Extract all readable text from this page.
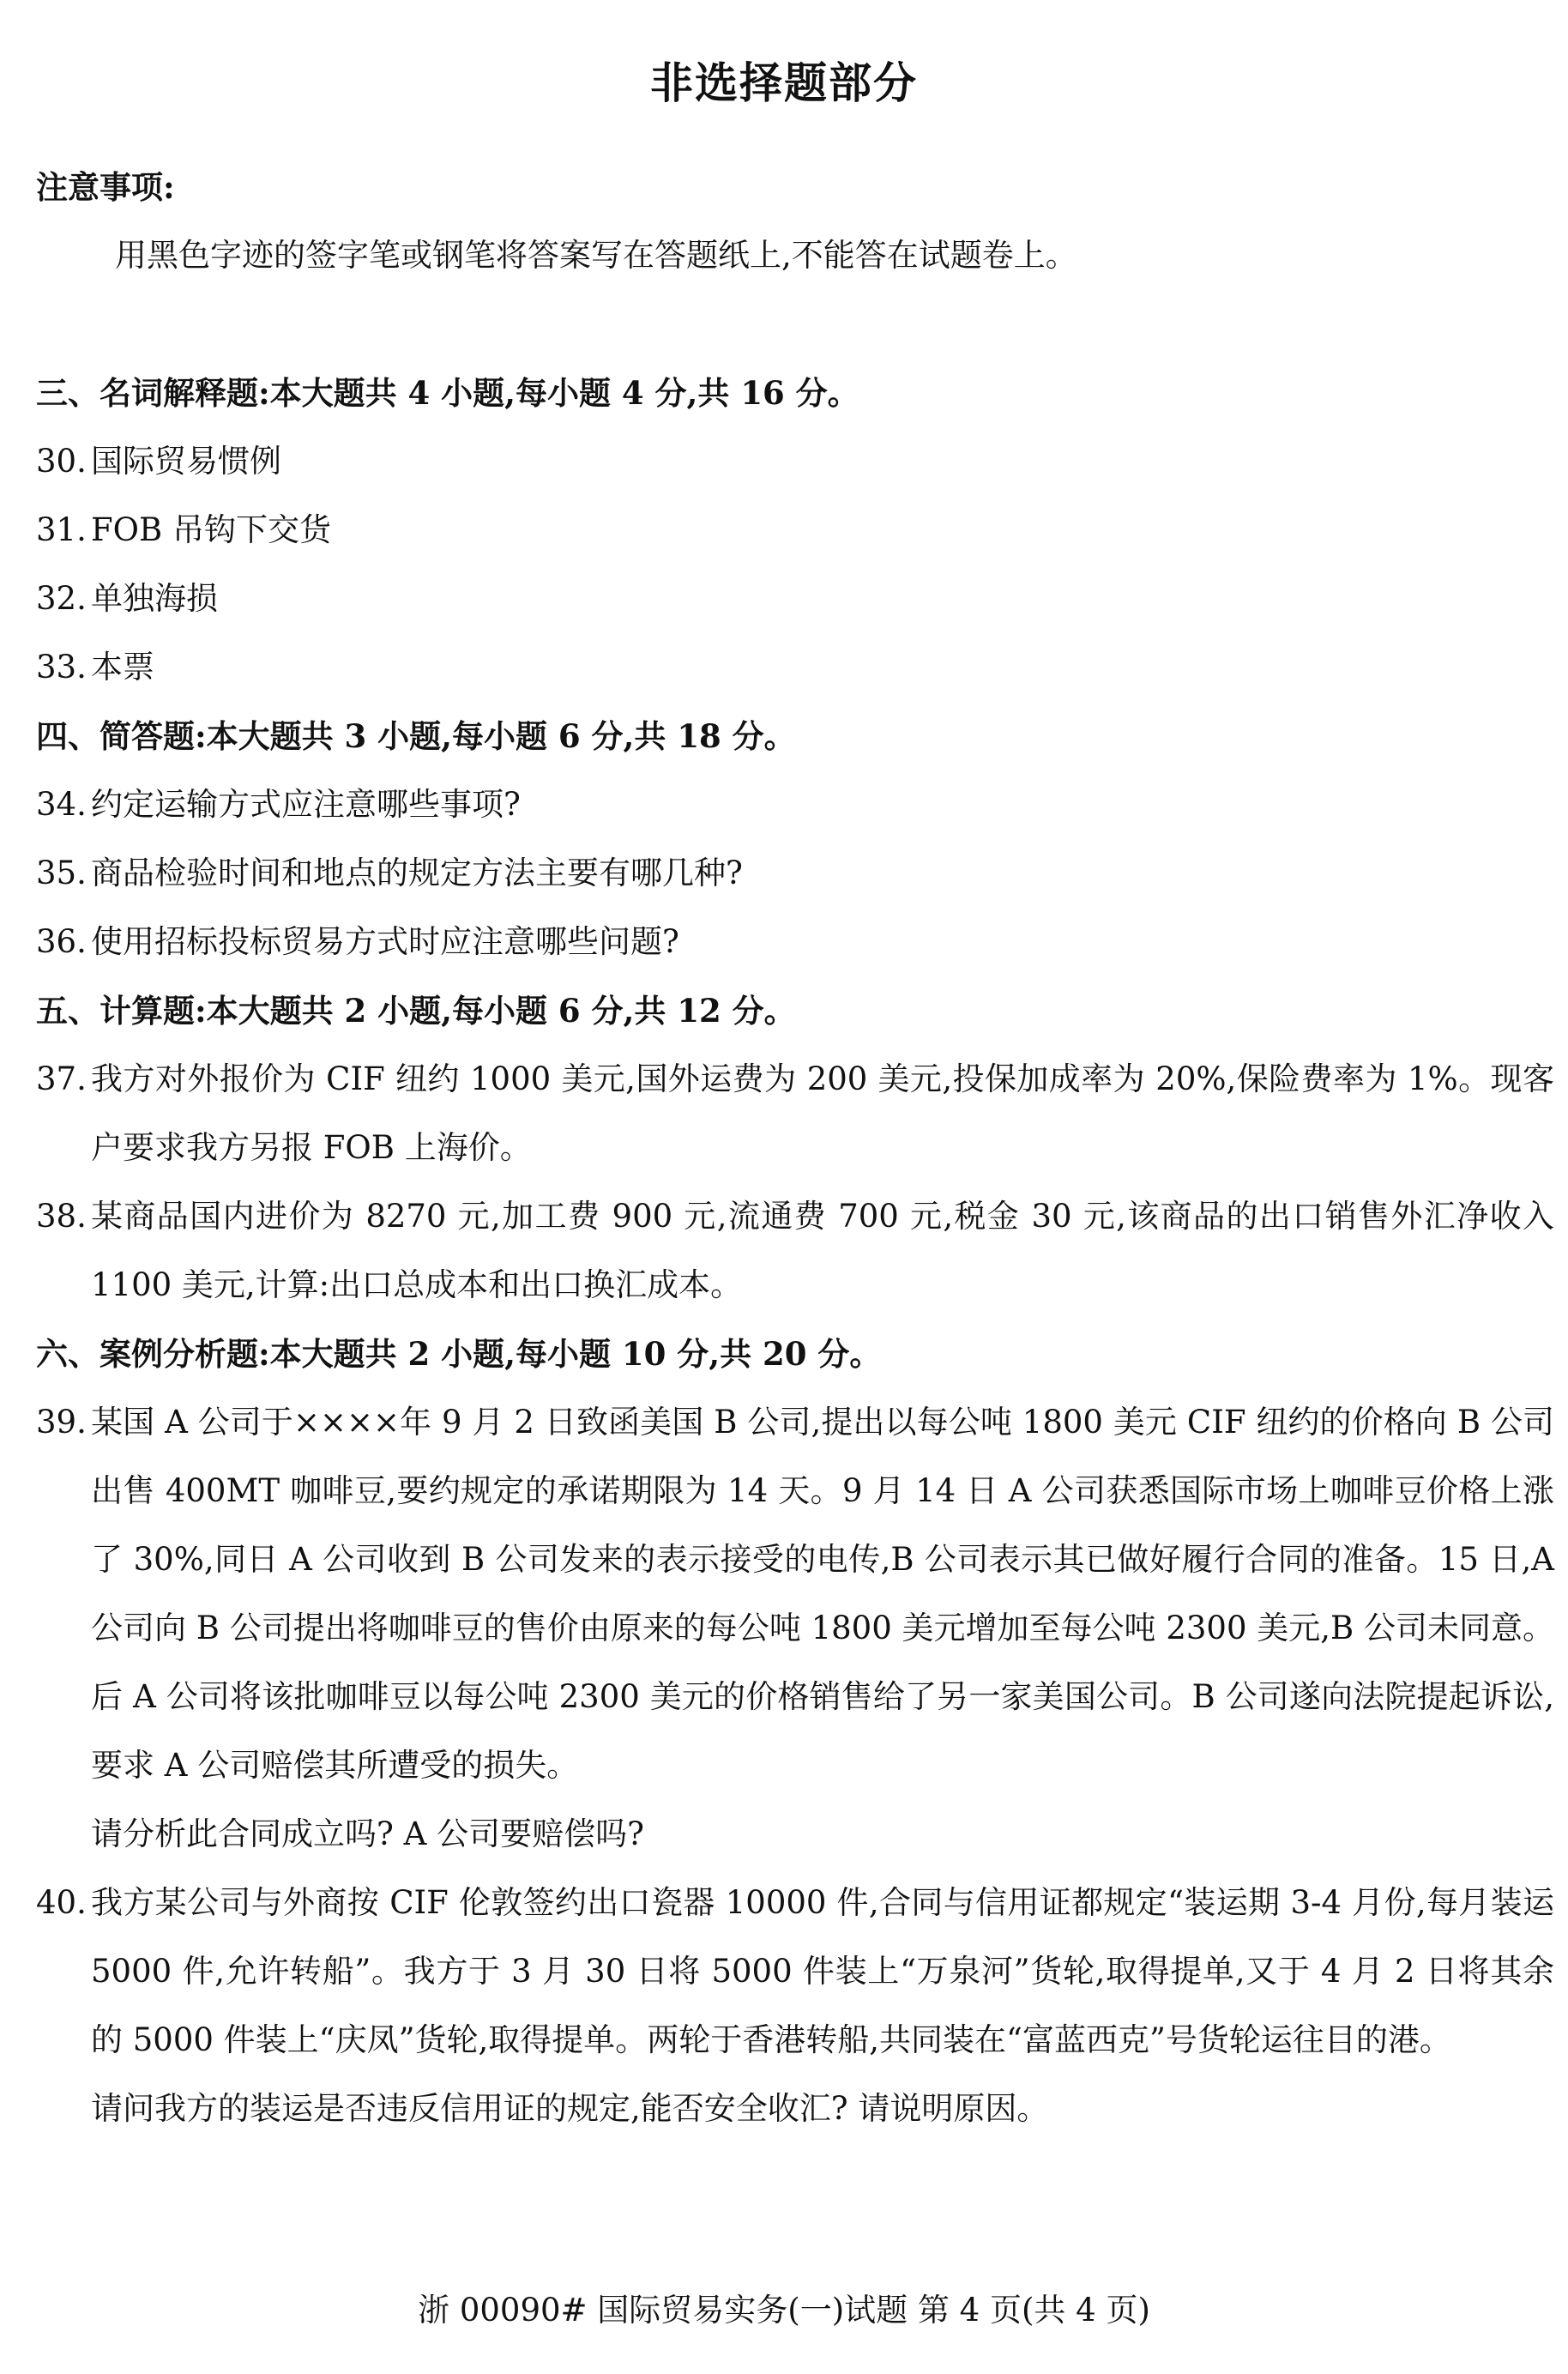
非选择题部分
注意事项:
用黑色字迹的签字笔或钢笔将答案写在答题纸上,不能答在试题卷上。
三、名词解释题:本大题共 4 小题,每小题 4 分,共 16 分。
30. 国际贸易惯例
31. FOB 吊钩下交货
32. 单独海损
33. 本票
四、简答题:本大题共 3 小题,每小题 6 分,共 18 分。
34. 约定运输方式应注意哪些事项?
35. 商品检验时间和地点的规定方法主要有哪几种?
36. 使用招标投标贸易方式时应注意哪些问题?
五、计算题:本大题共 2 小题,每小题 6 分,共 12 分。
37. 我方对外报价为 CIF 纽约 1000 美元,国外运费为 200 美元,投保加成率为 20%,保险费率为 1%。现客户要求我方另报 FOB 上海价。
38. 某商品国内进价为 8270 元,加工费 900 元,流通费 700 元,税金 30 元,该商品的出口销售外汇净收入 1100 美元,计算:出口总成本和出口换汇成本。
六、案例分析题:本大题共 2 小题,每小题 10 分,共 20 分。
39. 某国 A 公司于××××年 9 月 2 日致函美国 B 公司,提出以每公吨 1800 美元 CIF 纽约的价格向 B 公司出售 400MT 咖啡豆,要约规定的承诺期限为 14 天。9 月 14 日 A 公司获悉国际市场上咖啡豆价格上涨了 30%,同日 A 公司收到 B 公司发来的表示接受的电传,B 公司表示其已做好履行合同的准备。15 日,A 公司向 B 公司提出将咖啡豆的售价由原来的每公吨 1800 美元增加至每公吨 2300 美元,B 公司未同意。后 A 公司将该批咖啡豆以每公吨 2300 美元的价格销售给了另一家美国公司。B 公司遂向法院提起诉讼,要求 A 公司赔偿其所遭受的损失。
请分析此合同成立吗? A 公司要赔偿吗?
40. 我方某公司与外商按 CIF 伦敦签约出口瓷器 10000 件,合同与信用证都规定“装运期 3-4 月份,每月装运 5000 件,允许转船”。我方于 3 月 30 日将 5000 件装上“万泉河”货轮,取得提单,又于 4 月 2 日将其余的 5000 件装上“庆凤”货轮,取得提单。两轮于香港转船,共同装在“富蓝西克”号货轮运往目的港。
请问我方的装运是否违反信用证的规定,能否安全收汇? 请说明原因。
浙 00090# 国际贸易实务(一)试题 第 4 页(共 4 页)
